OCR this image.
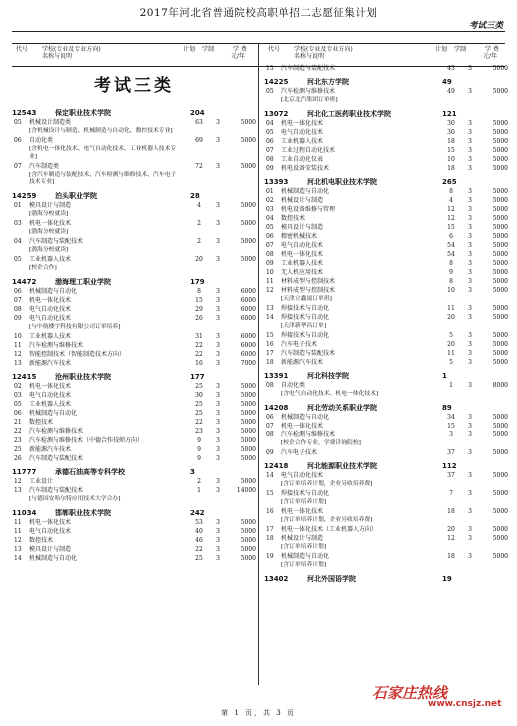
2017年河北省普通院校高职单招二志愿征集计划
考试三类
代号 学校(专业及专业方向)
名称与说明
计划 学制	学 费
元/年
考试三类
12543	保定职业技术学院	204
05 机械设计制造类	63	3	5000
[含机械设计与制造、机械制造与自动化、数控技术专业]
06 自动化类	69	3	5000
[含机电一体化技术、电气自动化技术、工业机器人技术专业]
07 汽车制造类	72	3	5000
[含汽车制造与装配技术、汽车检测与维修技术、汽车电子技术专业]
14259	泊头职业学院	28
01 模具设计与制造	4	3	5000
[渤海分校就读]
03 机电一体化技术	2	3	5000
[渤海分校就读]
04 汽车制造与装配技术	2	3	5000
[渤海分校就读]
05 工业机器人技术	20	3	5000
[校企合作]
14472	渤海理工职业学院	179
06 机械制造与自动化	8	3	6000
07 机电一体化技术	15	3	6000
08 电气自动化技术	29	3	6000
09 电气自动化技术	26	3	6000
[与中航楼宇科技有限公司订单培养]
10 工业机器人技术	31	3	6000
11 汽车检测与维修技术	22	3	6000
12 智能控制技术（智能制造技术方向）	22	3	6000
13 新能源汽车技术	16	3	7000
12415	沧州职业技术学院	177
02 机电一体化技术	25	3	5000
03 电气自动化技术	30	3	5000
05 工业机器人技术	25	3	5000
06 机械制造与自动化	25	3	5000
21 数控技术	22	3	5000
22 汽车检测与维修技术	23	3	5000
23 汽车检测与维修技术（中德合作技师方向）	9	3	5000
25 新能源汽车技术	9	3	5000
26 汽车制造与装配技术	9	3	5000
11777	承德石油高等专科学校	3
12 工业设计	2	3	5000
13 汽车制造与装配技术	1	3	14000
[与德国安哈尔特应用技术大学合办]
11034	邯郸职业技术学院	242
11 机电一体化技术	53	3	5000
11 电气自动化技术	40	3	5000
12 数控技术	46	3	5000
13 模具设计与制造	22	3	5000
14 机械制造与自动化	25	3	5000
代号 学校(专业及专业方向)
名称与说明
计划 学制	学 费
元/年
15 汽车制造与装配技术	43	3	5000
14225	河北东方学院	49
05 汽车检测与维修技术	49	3	5000
[北京北汽集团订单班]
13072	河北化工医药职业技术学院	121
04 机电一体化技术	30	3	5000
05 电气自动化技术	30	3	5000
06 工业机器人技术	18	3	5000
07 工业过程自动化技术	15	3	5000
08 工业自动化仪表	10	3	5000
09 机电设备安装技术	18	3	5000
13393	河北机电职业技术学院	265
01 机械制造与自动化	8	3	5000
02 机械设计与制造	4	3	5000
03 机电设备维修与管理	12	3	5000
04 数控技术	12	3	5000
05 模具设计与制造	15	3	5000
06 精密机械技术	6	3	5000
07 电气自动化技术	54	3	5000
08 机电一体化技术	54	3	5000
09 工业机器人技术	8	3	5000
10 无人机应用技术	9	3	5000
11 材料成型与控制技术	8	3	5000
12 材料成型与控制技术	10	3	5000
[天津立鑫晟订单班]
13 焊接技术与自动化	11	3	5000
14 焊接技术与自动化	20	3	5000
[天津新华昌订单]
15 焊接技术与自动化	5	3	5000
16 汽车电子技术	20	3	5000
17 汽车制造与装配技术	11	3	5000
18 新能源汽车技术	5	3	5000
13391	河北科技学院	1
08 自动化类	1	3	8000
[含电气自动化技术、机电一体化技术]
14208	河北劳动关系职业学院	89
06 机械制造与自动化	34	3	5000
07 机电一体化技术	15	3	5000
08 汽车检测与维修技术	3	3	5000
[校企合作专业，学费详询院校]
09 汽车电子技术	37	3	5000
12418	河北能源职业技术学院	112
14 电气自动化技术	37	3	5000
[含订单培养计划，企业另收培养费]
15 焊接技术与自动化	7	3	5000
[含订单培养计划]
16 机电一体化技术	18	3	5000
[含订单培养计划，企业另收培养费]
17 机电一体化技术（工业机器人方向）	20	3	5000
18 机械设计与制造	12	3	5000
[含订单培养计划]
19 机械制造与自动化	18	3	5000
[含订单培养计划]
13402	河北外国语学院	19
第 1 页，共 3 页
石家庄热线
www.cnsjz.net
